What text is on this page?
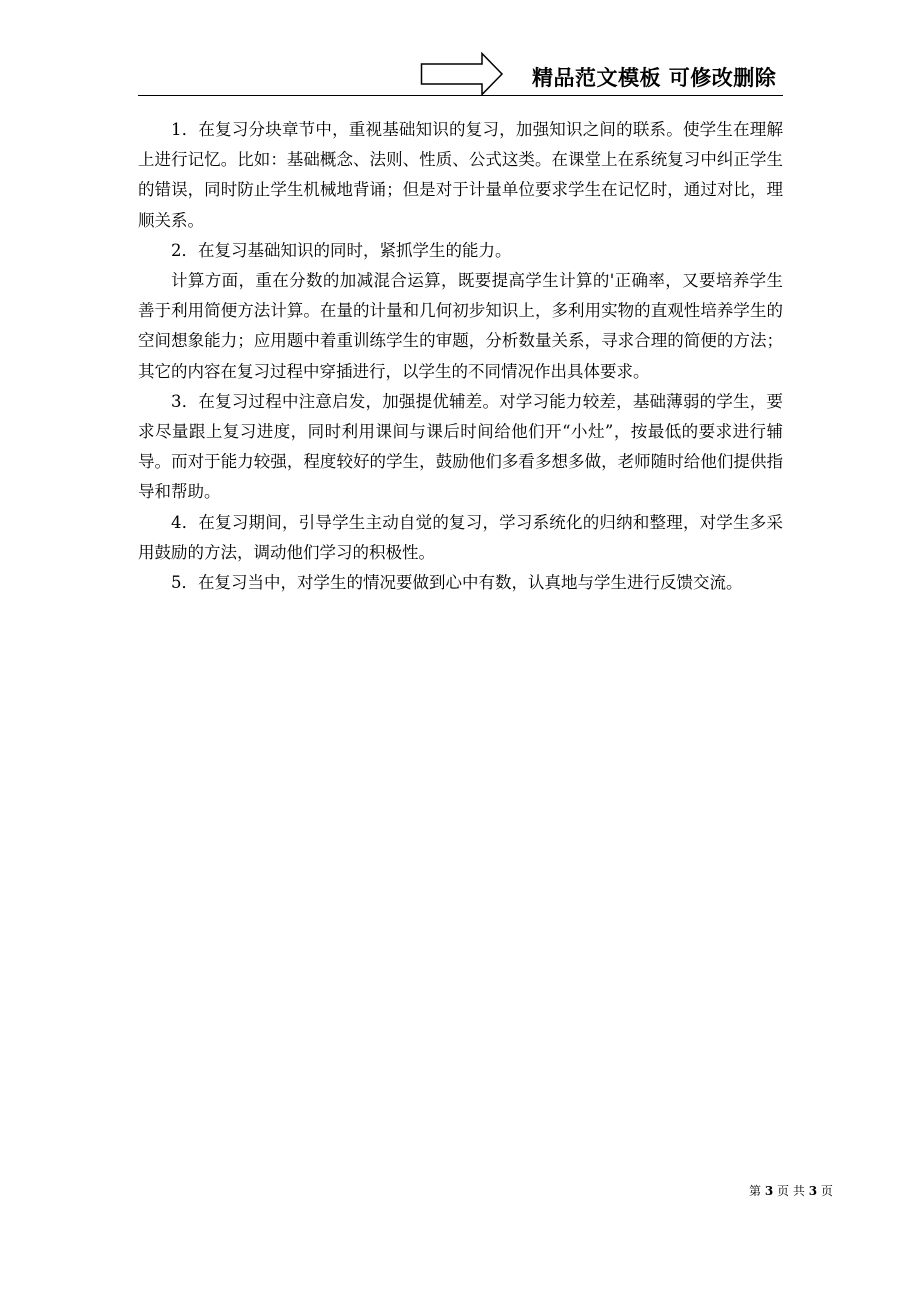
精品范文模板 可修改删除

1．在复习分块章节中，重视基础知识的复习，加强知识之间的联系。使学生在理解上进行记忆。比如：基础概念、法则、性质、公式这类。在课堂上在系统复习中纠正学生的错误，同时防止学生机械地背诵；但是对于计量单位要求学生在记忆时，通过对比，理顺关系。

2．在复习基础知识的同时，紧抓学生的能力。

计算方面，重在分数的加减混合运算，既要提高学生计算的'正确率，又要培养学生善于利用简便方法计算。在量的计量和几何初步知识上，多利用实物的直观性培养学生的空间想象能力；应用题中着重训练学生的审题，分析数量关系，寻求合理的简便的方法；其它的内容在复习过程中穿插进行，以学生的不同情况作出具体要求。

3．在复习过程中注意启发，加强提优辅差。对学习能力较差，基础薄弱的学生，要求尽量跟上复习进度，同时利用课间与课后时间给他们开“小灶”，按最低的要求进行辅导。而对于能力较强，程度较好的学生，鼓励他们多看多想多做，老师随时给他们提供指导和帮助。

4．在复习期间，引导学生主动自觉的复习，学习系统化的归纳和整理，对学生多采用鼓励的方法，调动他们学习的积极性。

5．在复习当中，对学生的情况要做到心中有数，认真地与学生进行反馈交流。

第 3 页 共 3 页
